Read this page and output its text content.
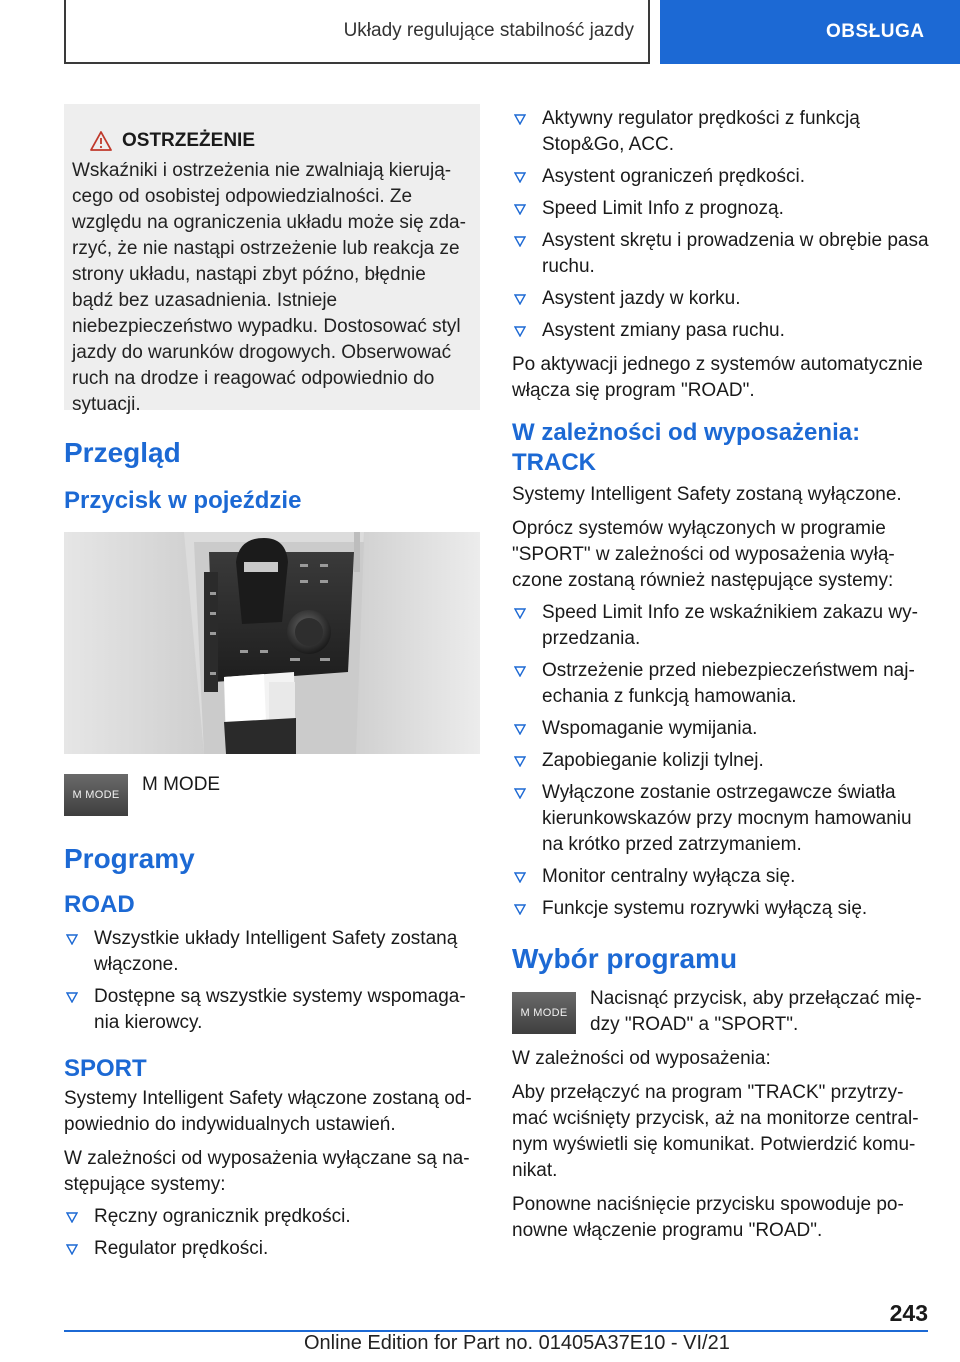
Układy regulujące stabilność jazdy	OBSŁUGA
OSTRZEŻENIE
Wskaźniki i ostrzeżenia nie zwalniają kierującego od osobistej odpowiedzialności. Ze względu na ograniczenia układu może się zdarzyć, że nie nastąpi ostrzeżenie lub reakcja ze strony układu, nastąpi zbyt późno, błędnie bądź bez uzasadnienia. Istnieje niebezpieczeństwo wypadku. Dostosować styl jazdy do warunków drogowych. Obserwować ruch na drodze i reagować odpowiednio do sytuacji.
Przegląd
Przycisk w pojeździe
M MODE	M MODE
Programy
ROAD
Wszystkie układy Intelligent Safety zostaną włączone.
Dostępne są wszystkie systemy wspomagania kierowcy.
SPORT

Systemy Intelligent Safety włączone zostaną odpowiednio do indywidualnych ustawień.

W zależności od wyposażenia wyłączane są następujące systemy:

Ręczny ogranicznik prędkości.
Regulator prędkości.
Aktywny regulator prędkości z funkcją Stop&Go, ACC.
Asystent ograniczeń prędkości.
Speed Limit Info z prognozą.
Asystent skrętu i prowadzenia w obrębie pasa ruchu.
Asystent jazdy w korku.
Asystent zmiany pasa ruchu.

Po aktywacji jednego z systemów automatycznie włącza się program "ROAD".

W zależności od wyposażenia: TRACK

Systemy Intelligent Safety zostaną wyłączone.

Oprócz systemów wyłączonych w programie "SPORT" w zależności od wyposażenia wyłączone zostaną również następujące systemy:

Speed Limit Info ze wskaźnikiem zakazu wyprzedzania.
Ostrzeżenie przed niebezpieczeństwem najechania z funkcją hamowania.
Wspomaganie wymijania.
Zapobieganie kolizji tylnej.
Wyłączone zostanie ostrzegawcze światła kierunkowskazów przy mocnym hamowaniu na krótko przed zatrzymaniem.
Monitor centralny wyłącza się.
Funkcje systemu rozrywki wyłączą się.
Wybór programu
M MODE
Nacisnąć przycisk, aby przełączać między "ROAD" a "SPORT".

W zależności od wyposażenia:

Aby przełączyć na program "TRACK" przytrzymać wciśnięty przycisk, aż na monitorze centralnym wyświetli się komunikat. Potwierdzić komunikat.

Ponowne naciśnięcie przycisku spowoduje ponowne włączenie programu "ROAD".

243
Online Edition for Part no. 01405A37E10 - VI/21
